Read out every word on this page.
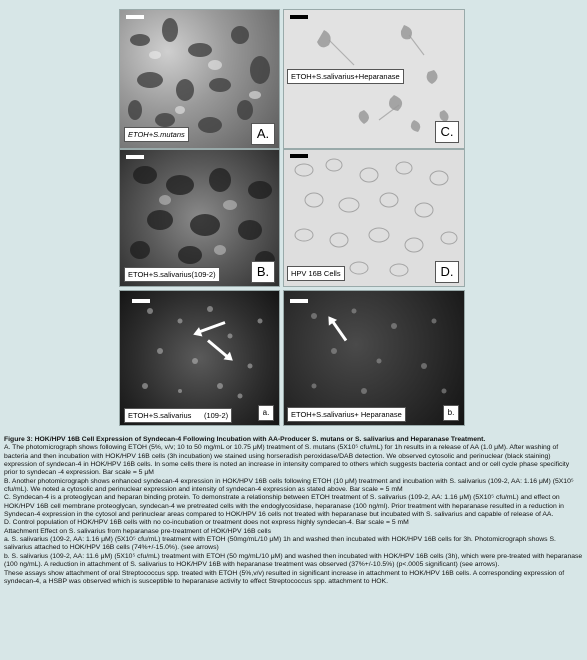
ETOH+S.mutans	A.
ETOH+S.salivarius+Heparanase
C.
ETOH+S.salivarius(109-2)	B.	HPV 16B Cells	D.
ETOH+S.salivarius (109-2)	a.	ETOH+S.salivarius+ Heparanase	b.

Figure 3: HOK/HPV 16B Cell Expression of Syndecan-4 Following Incubation with AA-Producer S. mutans or S. salivarius and Heparanase Treatment.

A. The photomicrograph shows following ETOH (5%, v/v; 10 to 50 mg/mL or 10.75 μM) treatment of S. mutans (5X10⁵ cfu/mL) for 1h results in a release of AA (1.0 μM). After washing of bacteria and then incubation with HOK/HPV 16B cells (3h incubation) we stained using horseradish peroxidase/DAB detection. We observed cytosolic and perinuclear (black staining) expression of syndecan-4 in HOK/HPV 16B cells. In some cells there is noted an increase in intensity compared to others which suggests bacteria contact and or cell cycle phase specificity prior to syndecan -4 expression. Bar scale = 5 μM

B. Another photomicrograph shows enhanced syndecan-4 expression in HOK/HPV 16B cells following ETOH (10 μM) treatment and incubation with S. salivarius (109-2, AA: 1.16 μM) (5X10⁵ cfu/mL). We noted a cytosolic and perinuclear expression and intensity of syndecan-4 expression as stated above. Bar scale = 5 mM

C. Syndecan-4 is a proteoglycan and heparan binding protein. To demonstrate a relationship between ETOH treatment of S. salivarius (109-2, AA: 1.16 μM) (5X10⁵ cfu/mL) and effect on HOK/HPV 16B cell membrane proteoglycan, syndecan-4 we pretreated cells with the endoglycosidase, heparanase (100 ng/ml). Prior treatment with heparanase resulted in a reduction in Syndecan-4 expression in the cytosol and perinuclear areas compared to HOK/HPV 16 cells not treated with heparanase but incubated with S. salivarius and capable of release of AA.

D. Control population of HOK/HPV 16B cells with no co-incubation or treatment does not express highly syndecan-4. Bar scale = 5 mM

Attachment Effect on S. salivarius from heparanase pre-treatment of HOK/HPV 16B cells

a. S. salivarius (109-2, AA: 1.16 μM) (5X10⁵ cfu/mL) treatment with ETOH (50mg/mL/10 μM) 1h and washed then incubated with HOK/HPV 16B cells for 3h. Photomicrograph shows S. salivarius attached to HOK/HPV 16B cells (74%+/-15.0%). (see arrows)

b. S. salivarius (109-2, AA: 11.6 μM) (5X10⁵ cfu/mL) treatment with ETOH (50 mg/mL/10 μM) and washed then incubated with HOK/HPV 16B cells (3h), which were pre-treated with heparanase (100 ng/mL). A reduction in attachment of S. salivarius to HOK/HPV 16B with heparanase treatment was observed (37%+/-10.5%) (p<.0005 significant) (see arrows).

These assays show attachment of oral Streptococcus spp. treated with ETOH (5%,v/v) resulted in significant increase in attachment to HOK/HPV 16B cells. A corresponding expression of syndecan-4, a HSBP was observed which is susceptible to heparanase activity to effect Streptococcus spp. attachment to HOK.
